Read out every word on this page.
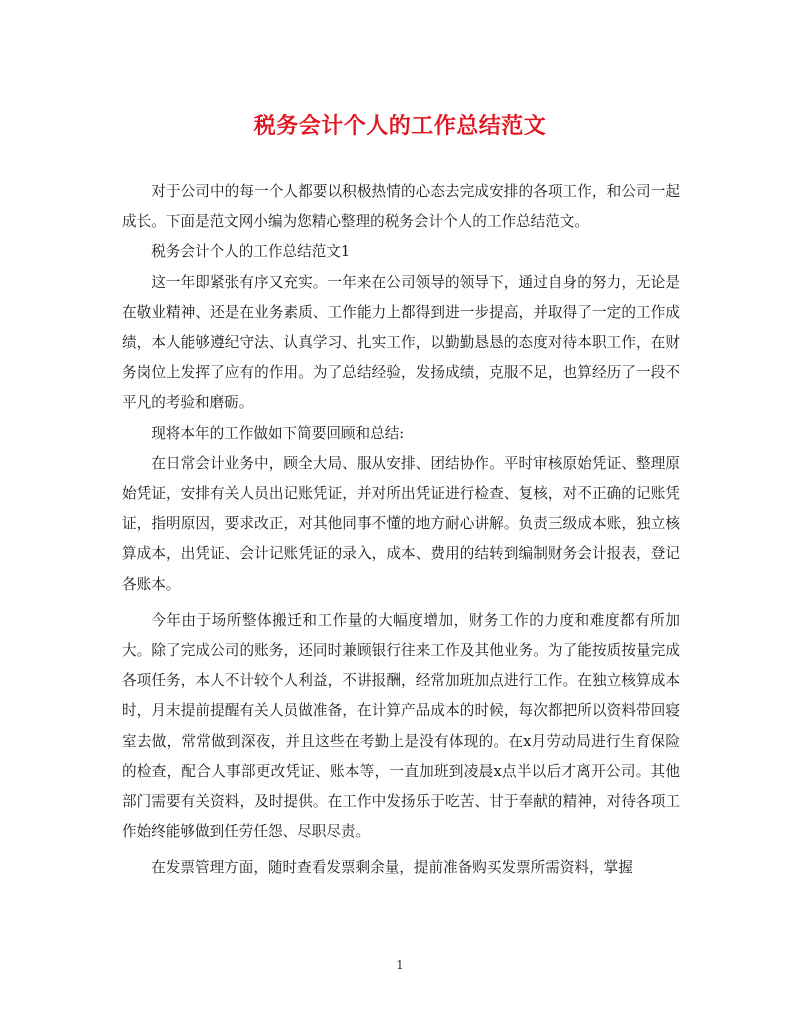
税务会计个人的工作总结范文

对于公司中的每一个人都要以积极热情的心态去完成安排的各项工作，和公司一起成长。下面是范文网小编为您精心整理的税务会计个人的工作总结范文。

税务会计个人的工作总结范文1

这一年即紧张有序又充实。一年来在公司领导的领导下，通过自身的努力，无论是在敬业精神、还是在业务素质、工作能力上都得到进一步提高，并取得了一定的工作成绩，本人能够遵纪守法、认真学习、扎实工作，以勤勤恳恳的态度对待本职工作，在财务岗位上发挥了应有的作用。为了总结经验，发扬成绩，克服不足，也算经历了一段不平凡的考验和磨砺。

现将本年的工作做如下简要回顾和总结:

在日常会计业务中，顾全大局、服从安排、团结协作。平时审核原始凭证、整理原始凭证，安排有关人员出记账凭证，并对所出凭证进行检查、复核，对不正确的记账凭证，指明原因，要求改正，对其他同事不懂的地方耐心讲解。负责三级成本账，独立核算成本，出凭证、会计记账凭证的录入，成本、费用的结转到编制财务会计报表，登记各账本。

今年由于场所整体搬迁和工作量的大幅度增加，财务工作的力度和难度都有所加大。除了完成公司的账务，还同时兼顾银行往来工作及其他业务。为了能按质按量完成各项任务，本人不计较个人利益，不讲报酬，经常加班加点进行工作。在独立核算成本时，月末提前提醒有关人员做准备，在计算产品成本的时候，每次都把所以资料带回寝室去做，常常做到深夜，并且这些在考勤上是没有体现的。在x月劳动局进行生育保险的检查，配合人事部更改凭证、账本等，一直加班到凌晨x点半以后才离开公司。其他部门需要有关资料，及时提供。在工作中发扬乐于吃苦、甘于奉献的精神，对待各项工作始终能够做到任劳任怨、尽职尽责。

在发票管理方面，随时查看发票剩余量，提前准备购买发票所需资料，掌握

1
